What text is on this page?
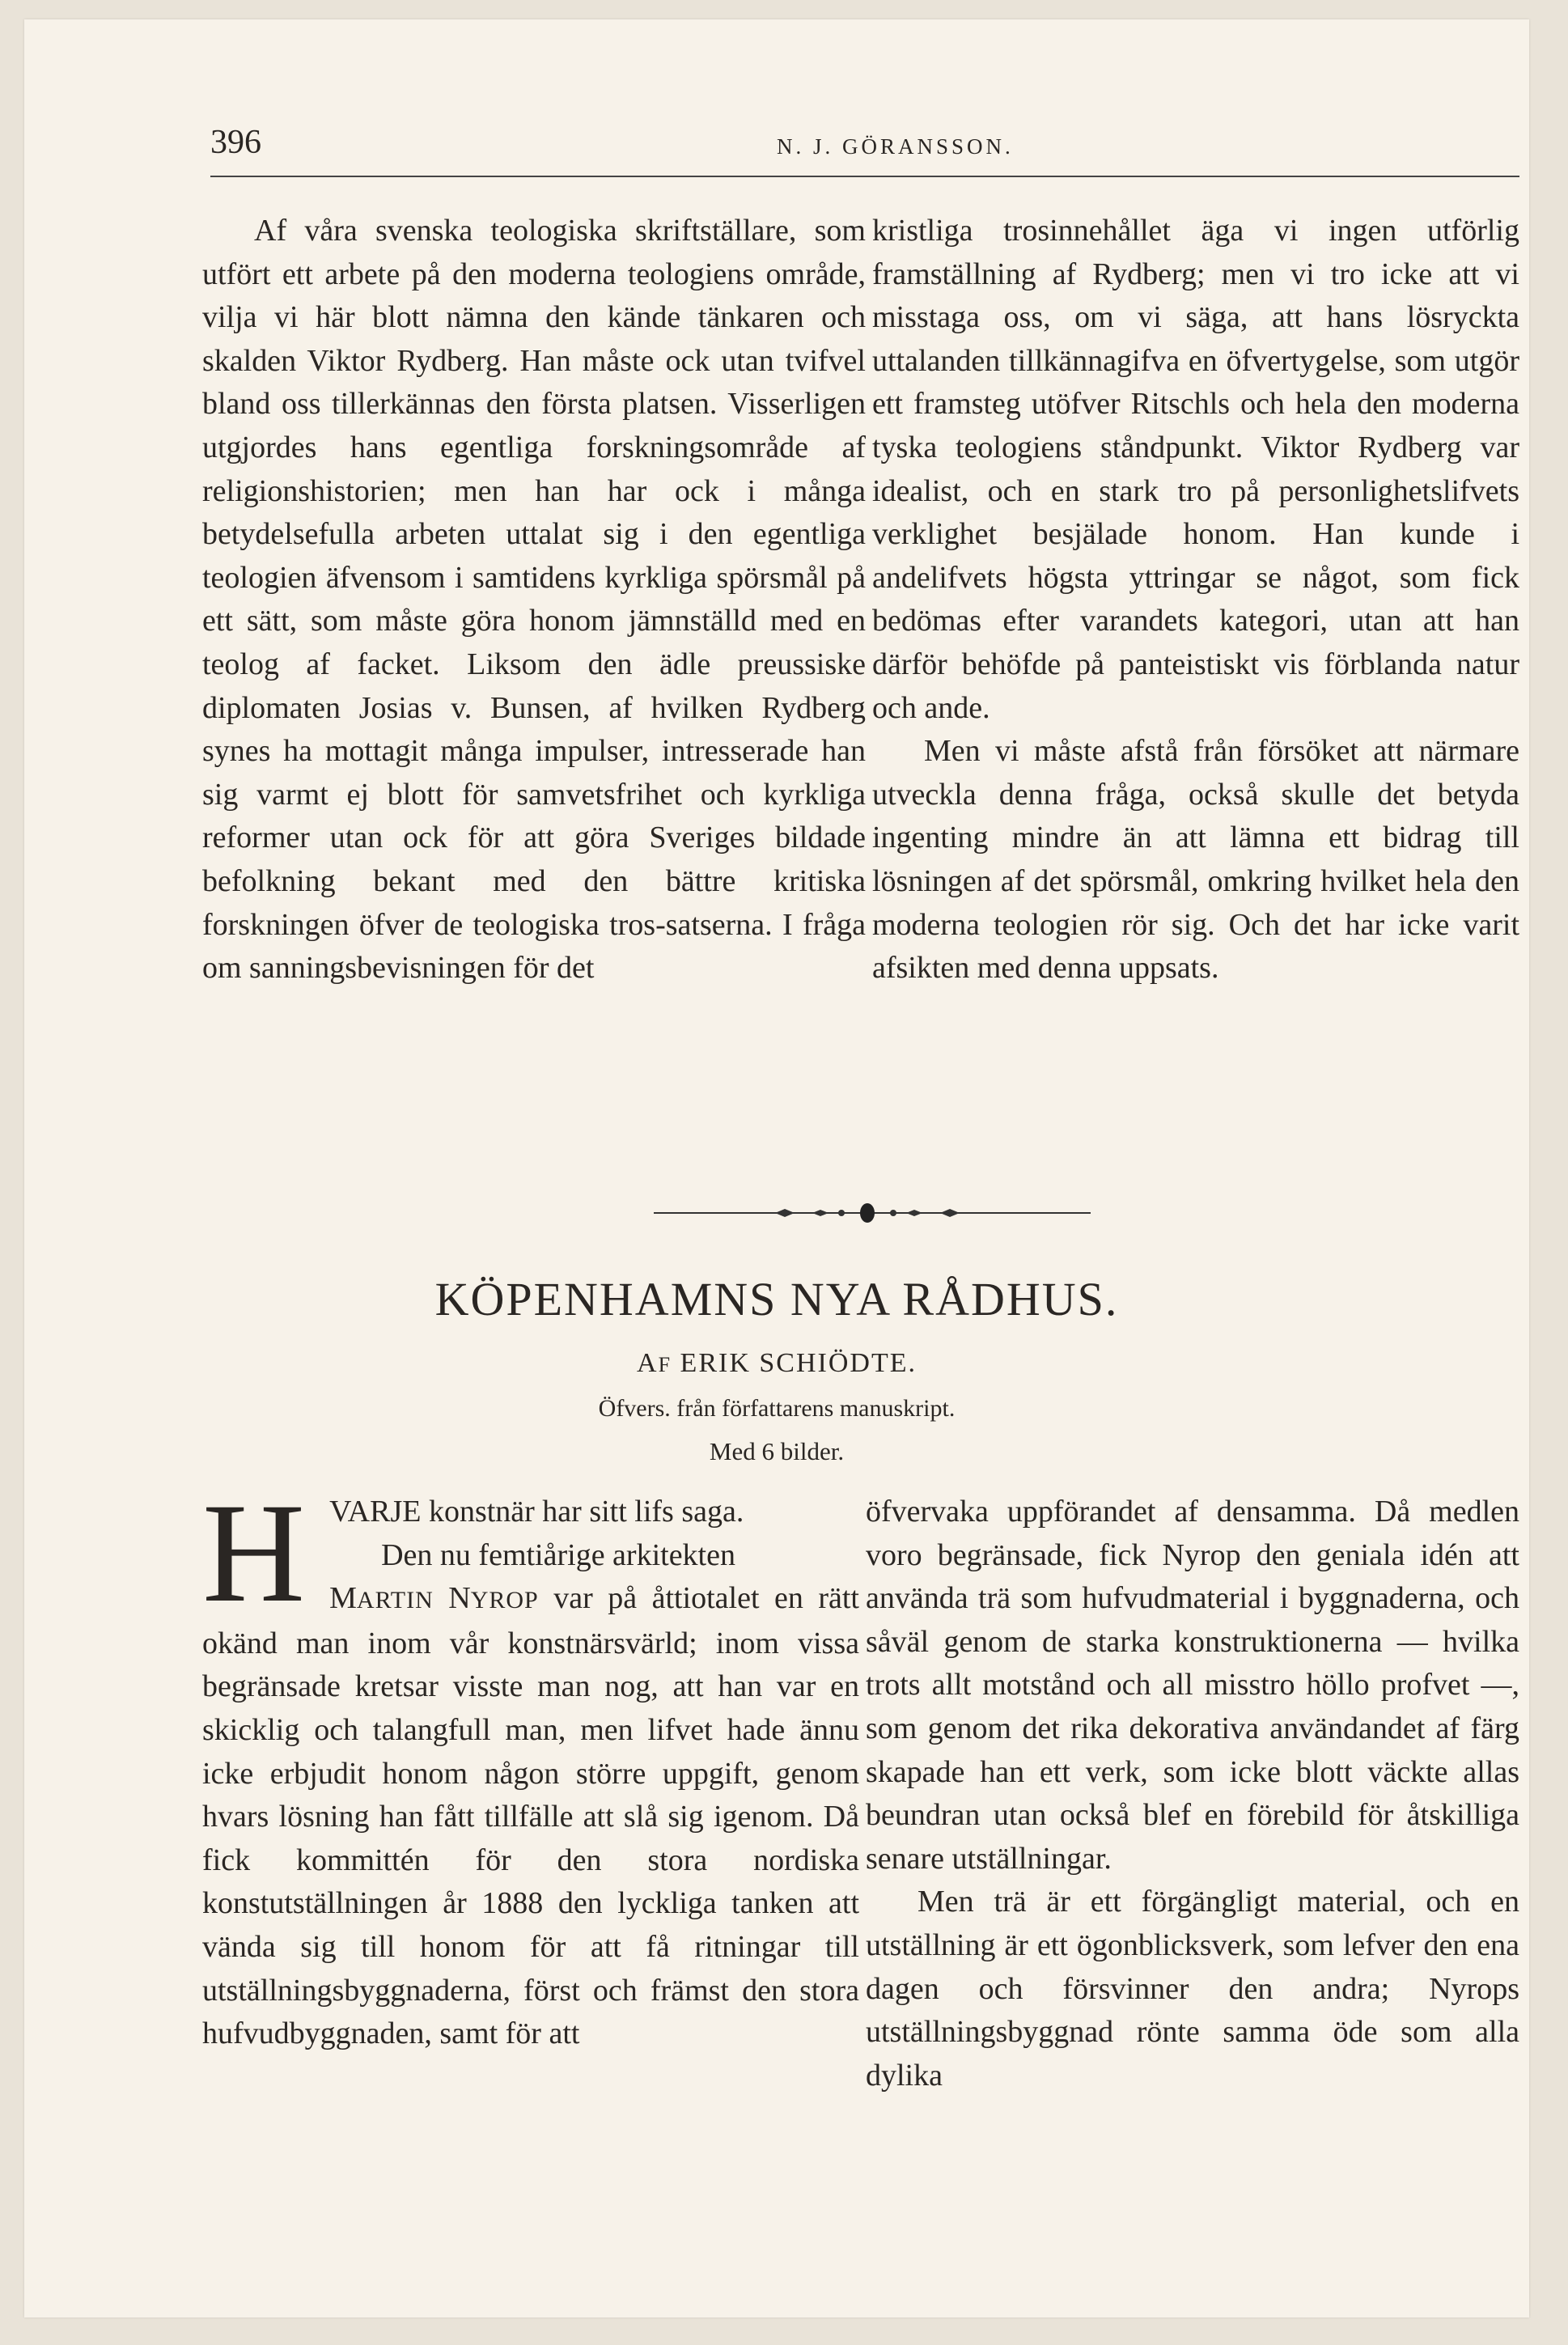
396	N. J. GÖRANSSON.

Af våra svenska teologiska skriftställare, som utfört ett arbete på den moderna teologiens område, vilja vi här blott nämna den kände tänkaren och skalden Viktor Rydberg. Han måste ock utan tvifvel bland oss tillerkännas den första platsen. Visserligen utgjordes hans egentliga forskningsområde af religionshistorien; men han har ock i många betydelsefulla arbeten uttalat sig i den egentliga teologien äfvensom i samtidens kyrkliga spörsmål på ett sätt, som måste göra honom jämnställd med en teolog af facket. Liksom den ädle preussiske diplomaten Josias v. Bunsen, af hvilken Rydberg synes ha mottagit många impulser, intresserade han sig varmt ej blott för samvetsfrihet och kyrkliga reformer utan ock för att göra Sveriges bildade befolkning bekant med den bättre kritiska forskningen öfver de teologiska tros-satserna. I fråga om sanningsbevisningen för det

kristliga trosinnehållet äga vi ingen utförlig framställning af Rydberg; men vi tro icke att vi misstaga oss, om vi säga, att hans lösryckta uttalanden tillkännagifva en öfvertygelse, som utgör ett framsteg utöfver Ritschls och hela den moderna tyska teologiens ståndpunkt. Viktor Rydberg var idealist, och en stark tro på personlighetslifvets verklighet besjälade honom. Han kunde i andelifvets högsta yttringar se något, som fick bedömas efter varandets kategori, utan att han därför behöfde på panteistiskt vis förblanda natur och ande.

Men vi måste afstå från försöket att närmare utveckla denna fråga, också skulle det betyda ingenting mindre än att lämna ett bidrag till lösningen af det spörsmål, omkring hvilket hela den moderna teologien rör sig. Och det har icke varit afsikten med denna uppsats.

KÖPENHAMNS NYA RÅDHUS.
AF ERIK SCHIÖDTE.
Öfvers. från författarens manuskript.
Med 6 bilder.

HVARJE konstnär har sitt lifs saga.

Den nu femtiårige arkitekten
MARTIN NYROP var på åttiotalet en rätt okänd man inom vår konstnärsvärld; inom vissa begränsade kretsar visste man nog, att han var en skicklig och talangfull man, men lifvet hade ännu icke erbjudit honom någon större uppgift, genom hvars lösning han fått tillfälle att slå sig igenom. Då fick kommittén för den stora nordiska konstutställningen år 1888 den lyckliga tanken att vända sig till honom för att få ritningar till utställningsbyggnaderna, först och främst den stora hufvudbyggnaden, samt för att

öfvervaka uppförandet af densamma. Då medlen voro begränsade, fick Nyrop den geniala idén att använda trä som hufvudmaterial i byggnaderna, och såväl genom de starka konstruktionerna — hvilka trots allt motstånd och all misstro höllo profvet —, som genom det rika dekorativa användandet af färg skapade han ett verk, som icke blott väckte allas beundran utan också blef en förebild för åtskilliga senare utställningar.

Men trä är ett förgängligt material, och en utställning är ett ögonblicksverk, som lefver den ena dagen och försvinner den andra; Nyrops utställningsbyggnad rönte samma öde som alla dylika
